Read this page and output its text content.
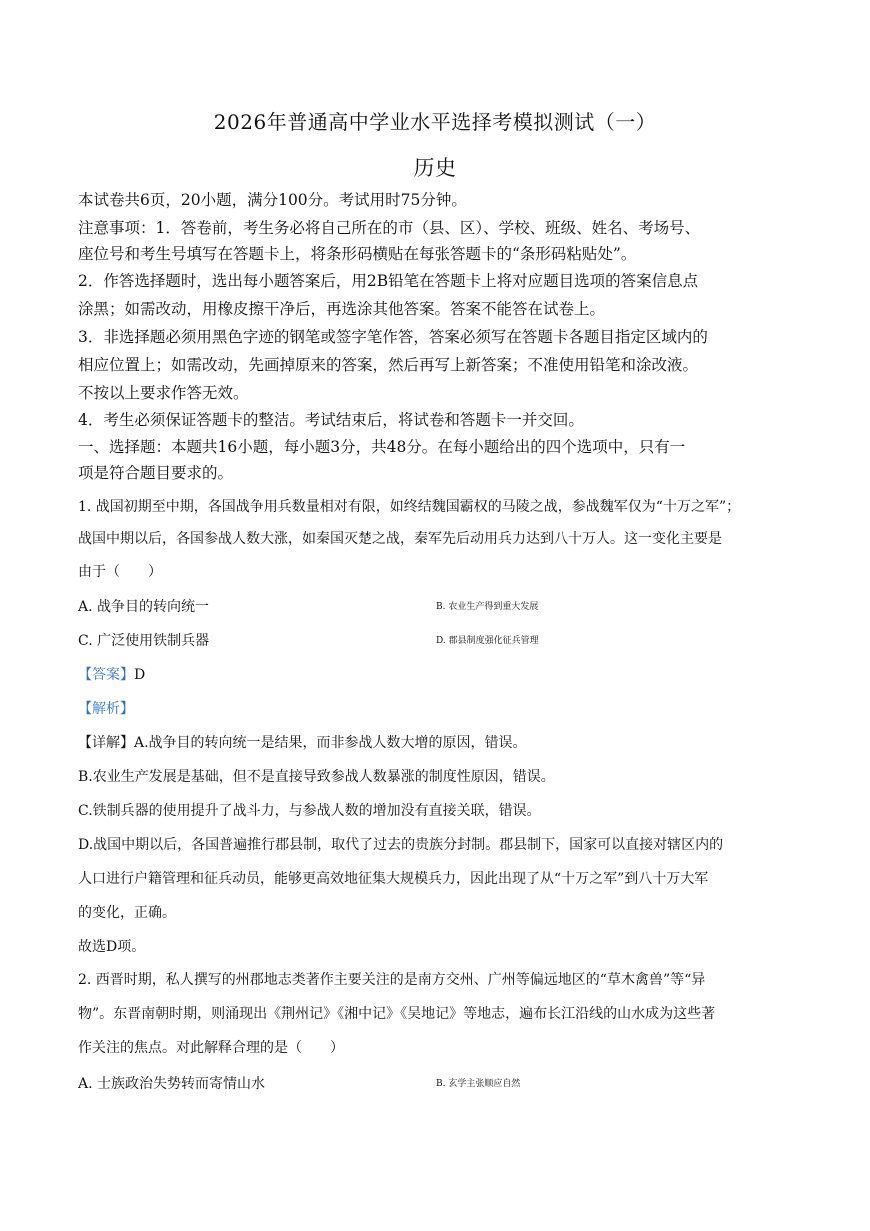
2026年普通高中学业水平选择考模拟测试（一）
历史
本试卷共6页，20小题，满分100分。考试用时75分钟。
注意事项：1．答卷前，考生务必将自己所在的市（县、区）、学校、班级、姓名、考场号、
座位号和考生号填写在答题卡上，将条形码横贴在每张答题卡的“条形码粘贴处”。
2．作答选择题时，选出每小题答案后，用2B铅笔在答题卡上将对应题目选项的答案信息点
涂黑；如需改动，用橡皮擦干净后，再选涂其他答案。答案不能答在试卷上。
3．非选择题必须用黑色字迹的钢笔或签字笔作答，答案必须写在答题卡各题目指定区域内的
相应位置上；如需改动，先画掉原来的答案，然后再写上新答案；不准使用铅笔和涂改液。
不按以上要求作答无效。
4．考生必须保证答题卡的整洁。考试结束后，将试卷和答题卡一并交回。
一、选择题：本题共16小题，每小题3分，共48分。在每小题给出的四个选项中，只有一
项是符合题目要求的。
1. 战国初期至中期，各国战争用兵数量相对有限，如终结魏国霸权的马陵之战，参战魏军仅为“十万之军”；
战国中期以后，各国参战人数大涨，如秦国灭楚之战，秦军先后动用兵力达到八十万人。这一变化主要是
由于（　　）
A. 战争目的转向统一	B. 农业生产得到重大发展
C. 广泛使用铁制兵器	D. 郡县制度强化征兵管理
【答案】D
【解析】
【详解】A.战争目的转向统一是结果，而非参战人数大增的原因，错误。
B.农业生产发展是基础，但不是直接导致参战人数暴涨的制度性原因，错误。
C.铁制兵器的使用提升了战斗力，与参战人数的增加没有直接关联，错误。
D.战国中期以后，各国普遍推行郡县制，取代了过去的贵族分封制。郡县制下，国家可以直接对辖区内的
人口进行户籍管理和征兵动员，能够更高效地征集大规模兵力，因此出现了从“十万之军”到八十万大军
的变化，正确。
故选D项。
2. 西晋时期，私人撰写的州郡地志类著作主要关注的是南方交州、广州等偏远地区的“草木禽兽”等“异
物”。东晋南朝时期，则涌现出《荆州记》《湘中记》《吴地记》等地志，遍布长江沿线的山水成为这些著
作关注的焦点。对此解释合理的是（　　）
A. 士族政治失势转而寄情山水	B. 玄学主张顺应自然
